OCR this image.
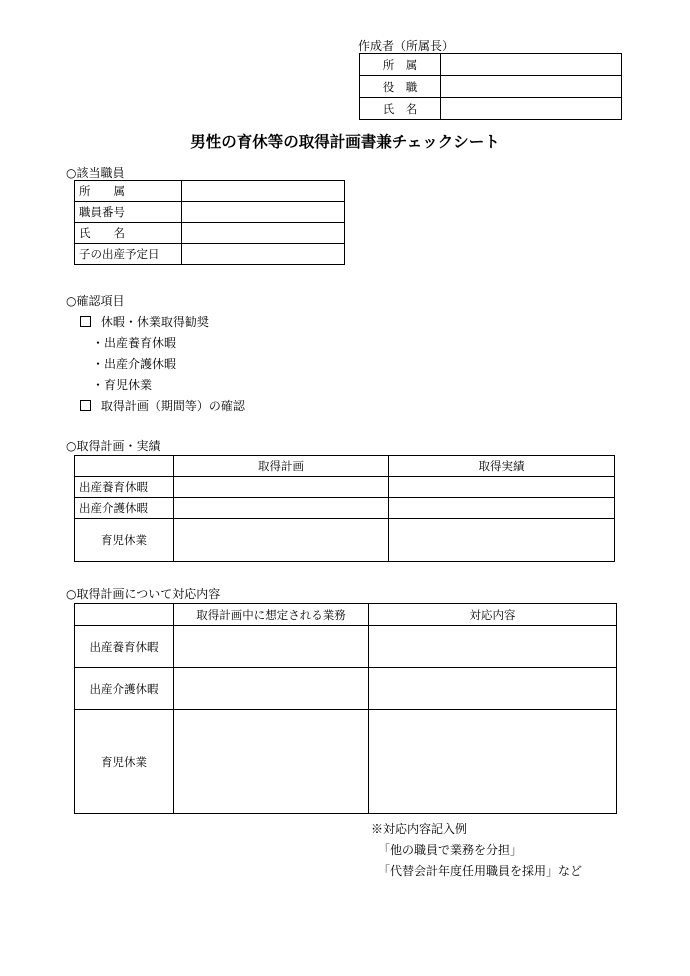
作成者（所属長）
所　属	
役　職	
氏　名	
男性の育休等の取得計画書兼チェックシート
○該当職員
所　　属	
職員番号	
氏　　名	
子の出産予定日	
○確認項目
休暇・休業取得勧奨
・出産養育休暇
・出産介護休暇
・育児休業
取得計画（期間等）の確認
○取得計画・実績
	取得計画	取得実績
出産養育休暇		
出産介護休暇		
育児休業		
○取得計画について対応内容
	取得計画中に想定される業務	対応内容
出産養育休暇		
出産介護休暇		
育児休業		
※対応内容記入例
「他の職員で業務を分担」
「代替会計年度任用職員を採用」など
